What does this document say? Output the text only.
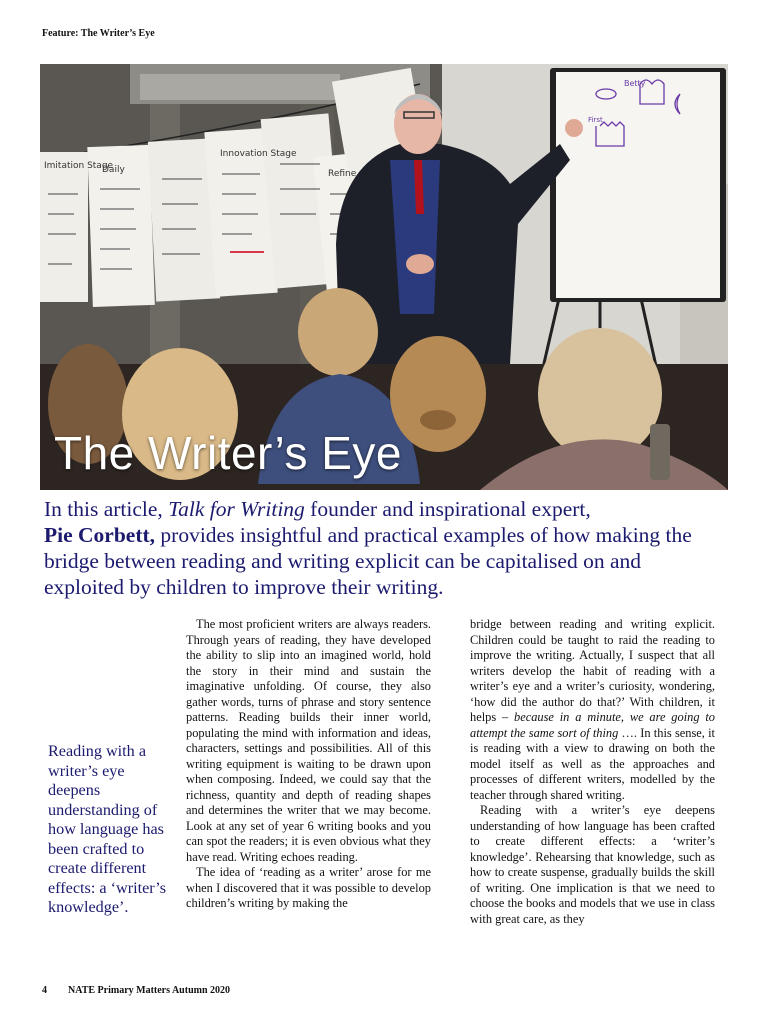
Feature: The Writer’s Eye
Imitation Stage
Daily
Innovation Stage
Refine
Betty
First
The Writer’s Eye
In this article, Talk for Writing founder and inspirational expert,
Pie Corbett, provides insightful and practical examples of how making the bridge between reading and writing explicit can be capitalised on and exploited by children to improve their writing.
Reading with a writer’s eye deepens understanding of how language has been crafted to create different effects: a ‘writer’s knowledge’.

The most proficient writers are always readers. Through years of reading, they have developed the ability to slip into an imagined world, hold the story in their mind and sustain the imaginative unfolding. Of course, they also gather words, turns of phrase and story sentence patterns. Reading builds their inner world, populating the mind with information and ideas, characters, settings and possibilities. All of this writing equipment is waiting to be drawn upon when composing. Indeed, we could say that the richness, quantity and depth of reading shapes and determines the writer that we may become. Look at any set of year 6 writing books and you can spot the readers; it is even obvious what they have read. Writing echoes reading.

The idea of ‘reading as a writer’ arose for me when I discovered that it was possible to develop children’s writing by making the

bridge between reading and writing explicit. Children could be taught to raid the reading to improve the writing. Actually, I suspect that all writers develop the habit of reading with a writer’s eye and a writer’s curiosity, wondering, ‘how did the author do that?’ With children, it helps – because in a minute, we are going to attempt the same sort of thing …. In this sense, it is reading with a view to drawing on both the model itself as well as the approaches and processes of different writers, modelled by the teacher through shared writing.

Reading with a writer’s eye deepens understanding of how language has been crafted to create different effects: a ‘writer’s knowledge’. Rehearsing that knowledge, such as how to create suspense, gradually builds the skill of writing. One implication is that we need to choose the books and models that we use in class with great care, as they

4 NATE Primary Matters Autumn 2020
